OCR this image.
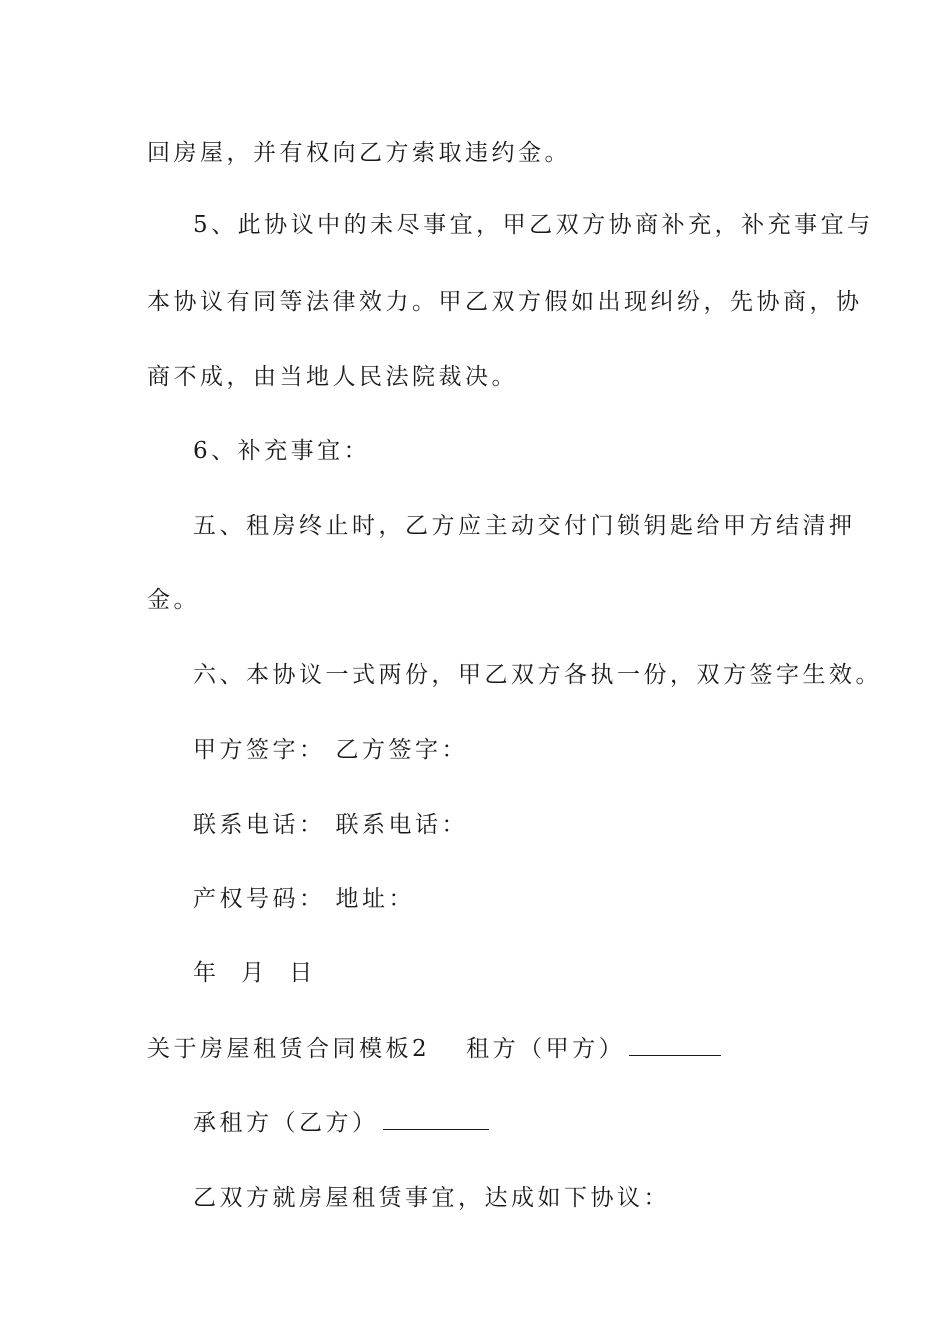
回房屋，并有权向乙方索取违约金。
5、此协议中的未尽事宜，甲乙双方协商补充，补充事宜与
本协议有同等法律效力。甲乙双方假如出现纠纷，先协商，协
商不成，由当地人民法院裁决。
6、补充事宜：
五、租房终止时，乙方应主动交付门锁钥匙给甲方结清押
金。
六、本协议一式两份，甲乙双方各执一份，双方签字生效。
甲方签字： 乙方签字：
联系电话： 联系电话：
产权号码： 地址：
年  月  日
关于房屋租赁合同模板2 租方（甲方）
承租方（乙方）
乙双方就房屋租赁事宜，达成如下协议：
